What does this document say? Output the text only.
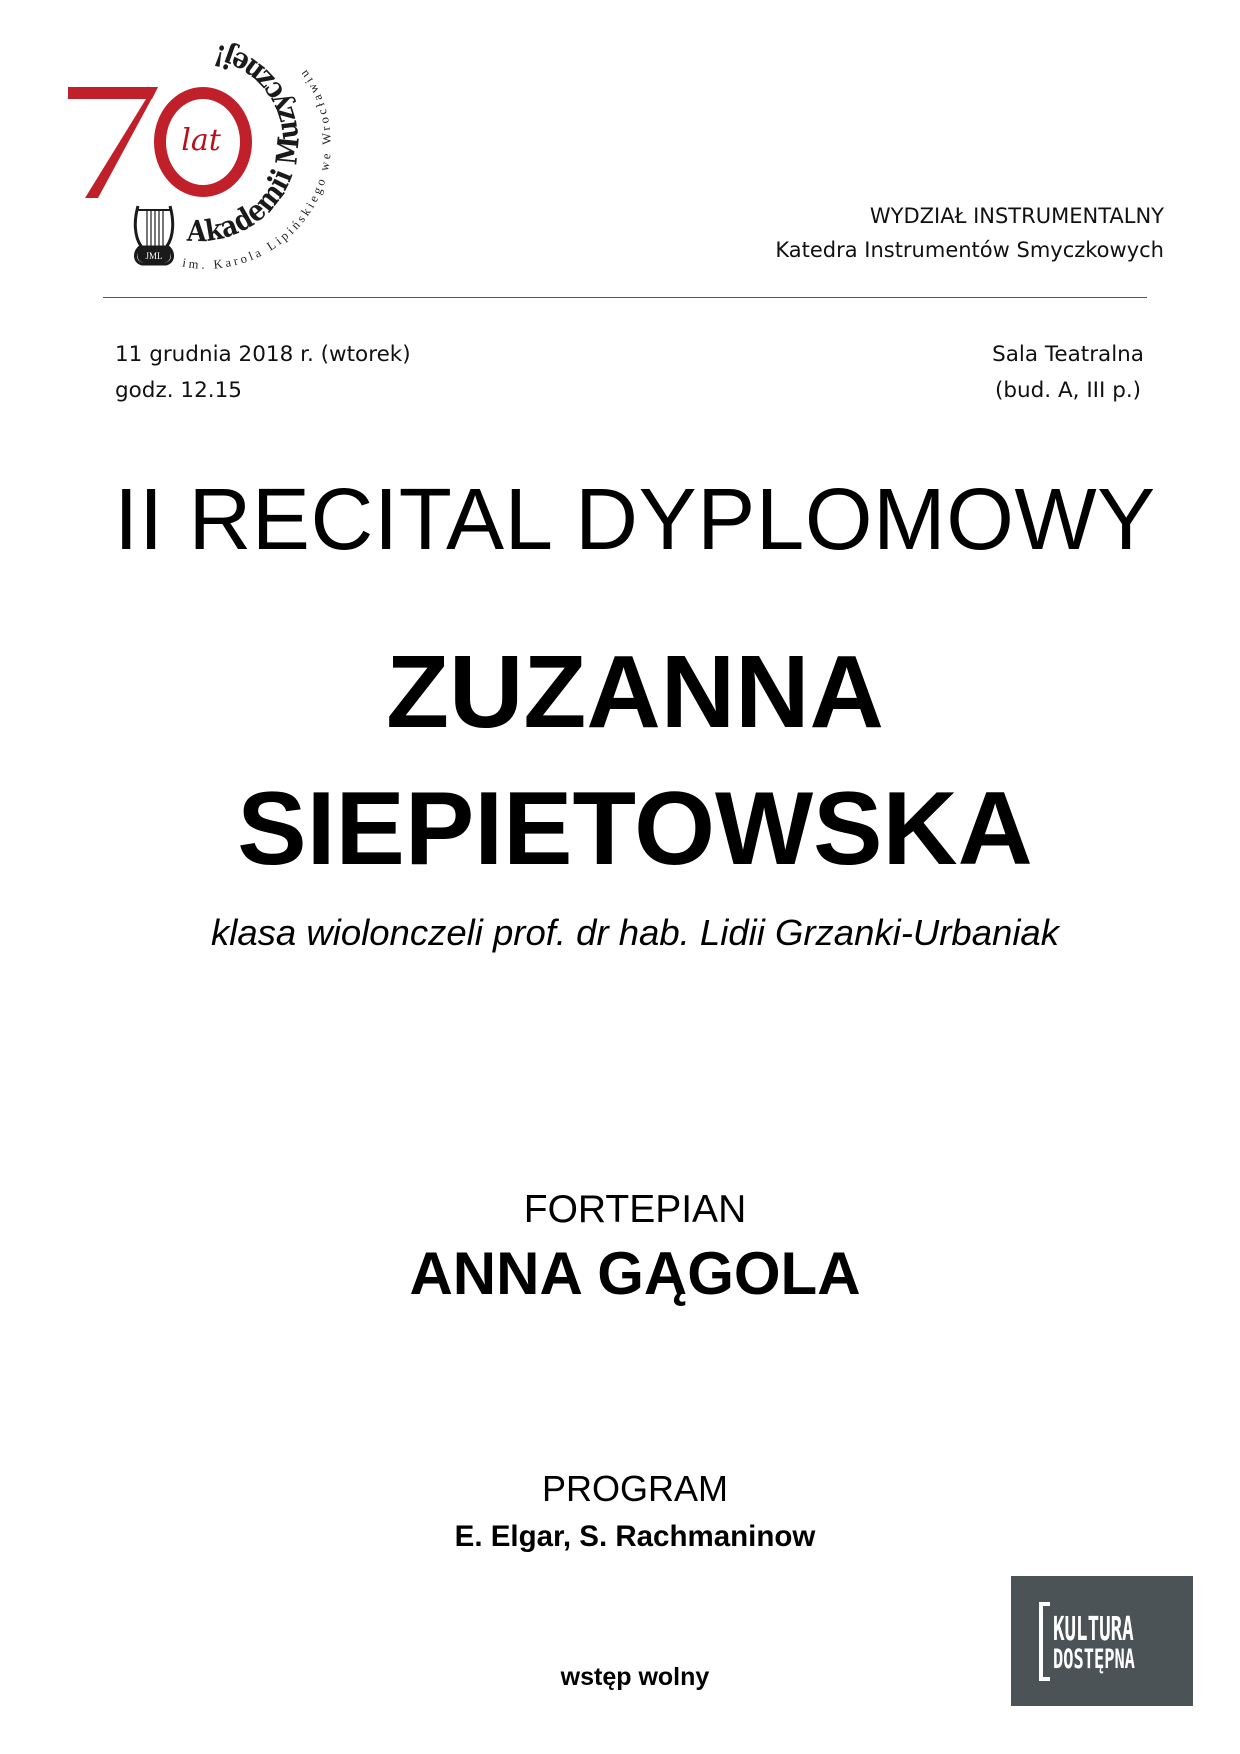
lat
Akademii Muzycznej!
im. Karola Lipińskiego we Wrocławiu
JML
WYDZIAŁ INSTRUMENTALNY
Katedra Instrumentów Smyczkowych
11 grudnia 2018 r. (wtorek)
godz. 12.15
Sala Teatralna
(bud. A, III p.)
II RECITAL DYPLOMOWY
ZUZANNA
SIEPIETOWSKA
klasa wiolonczeli prof. dr hab. Lidii Grzanki-Urbaniak
FORTEPIAN
ANNA GĄGOLA
PROGRAM
E. Elgar, S. Rachmaninow
wstęp wolny
KULTURA
DOSTĘPNA
